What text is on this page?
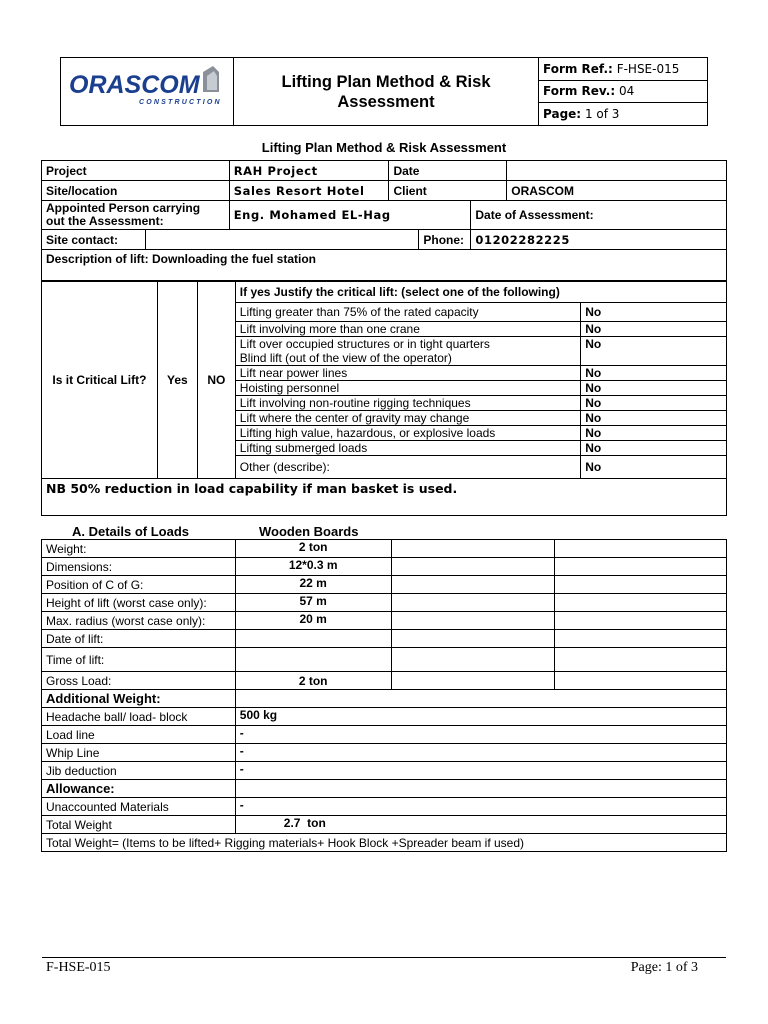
ORASCOM
CONSTRUCTION
	Lifting Plan Method & Risk Assessment	Form Ref.: F-HSE-015
Form Rev.: 04
Page: 1 of 3
Lifting Plan Method & Risk Assessment
Project		RAH Project	Date			
Site/location		Sales Resort Hotel	Client			ORASCOM

Appointed Person carrying
out the Assessment:		Eng. Mohamed EL-Hag			Date of Assessment:	
Site contact:				Phone:	01202282225	
Description of lift: Downloading the fuel station						
Is it Critical Lift?	Yes	NO	If yes Justify the critical lift: (select one of the following)	
			Lifting greater than 75% of the rated capacity	No
			Lift involving more than one crane	No

			Lift over occupied structures or in tight quarters
Blind lift (out of the view of the operator)	No
			Lift near power lines	No
			Hoisting personnel	No
			Lift involving non-routine rigging techniques	No
			Lift where the center of gravity may change	No
			Lifting high value, hazardous, or explosive loads	No
			Lifting submerged loads	No
			Other (describe):	No
NB 50% reduction in load capability if man basket is used.				
A. Details of Loads	Wooden Boards
Weight:	2 ton		
Dimensions:	12*0.3 m		
Position of C of G:	22 m		
Height of lift (worst case only):	57 m		
Max. radius (worst case only):	20 m		
Date of lift:			
Time of lift:			
Gross Load:	2 ton		
Additional Weight:			
Headache ball/ load- block	500 kg		
Load line	-		
Whip Line	-		
Jib deduction	-		
Allowance:			
Unaccounted Materials	-		
Total Weight	2.7  ton		
Total Weight= (Items to be lifted+ Rigging materials+ Hook Block +Spreader beam if used)			
F-HSE-015	Page: 1 of 3
